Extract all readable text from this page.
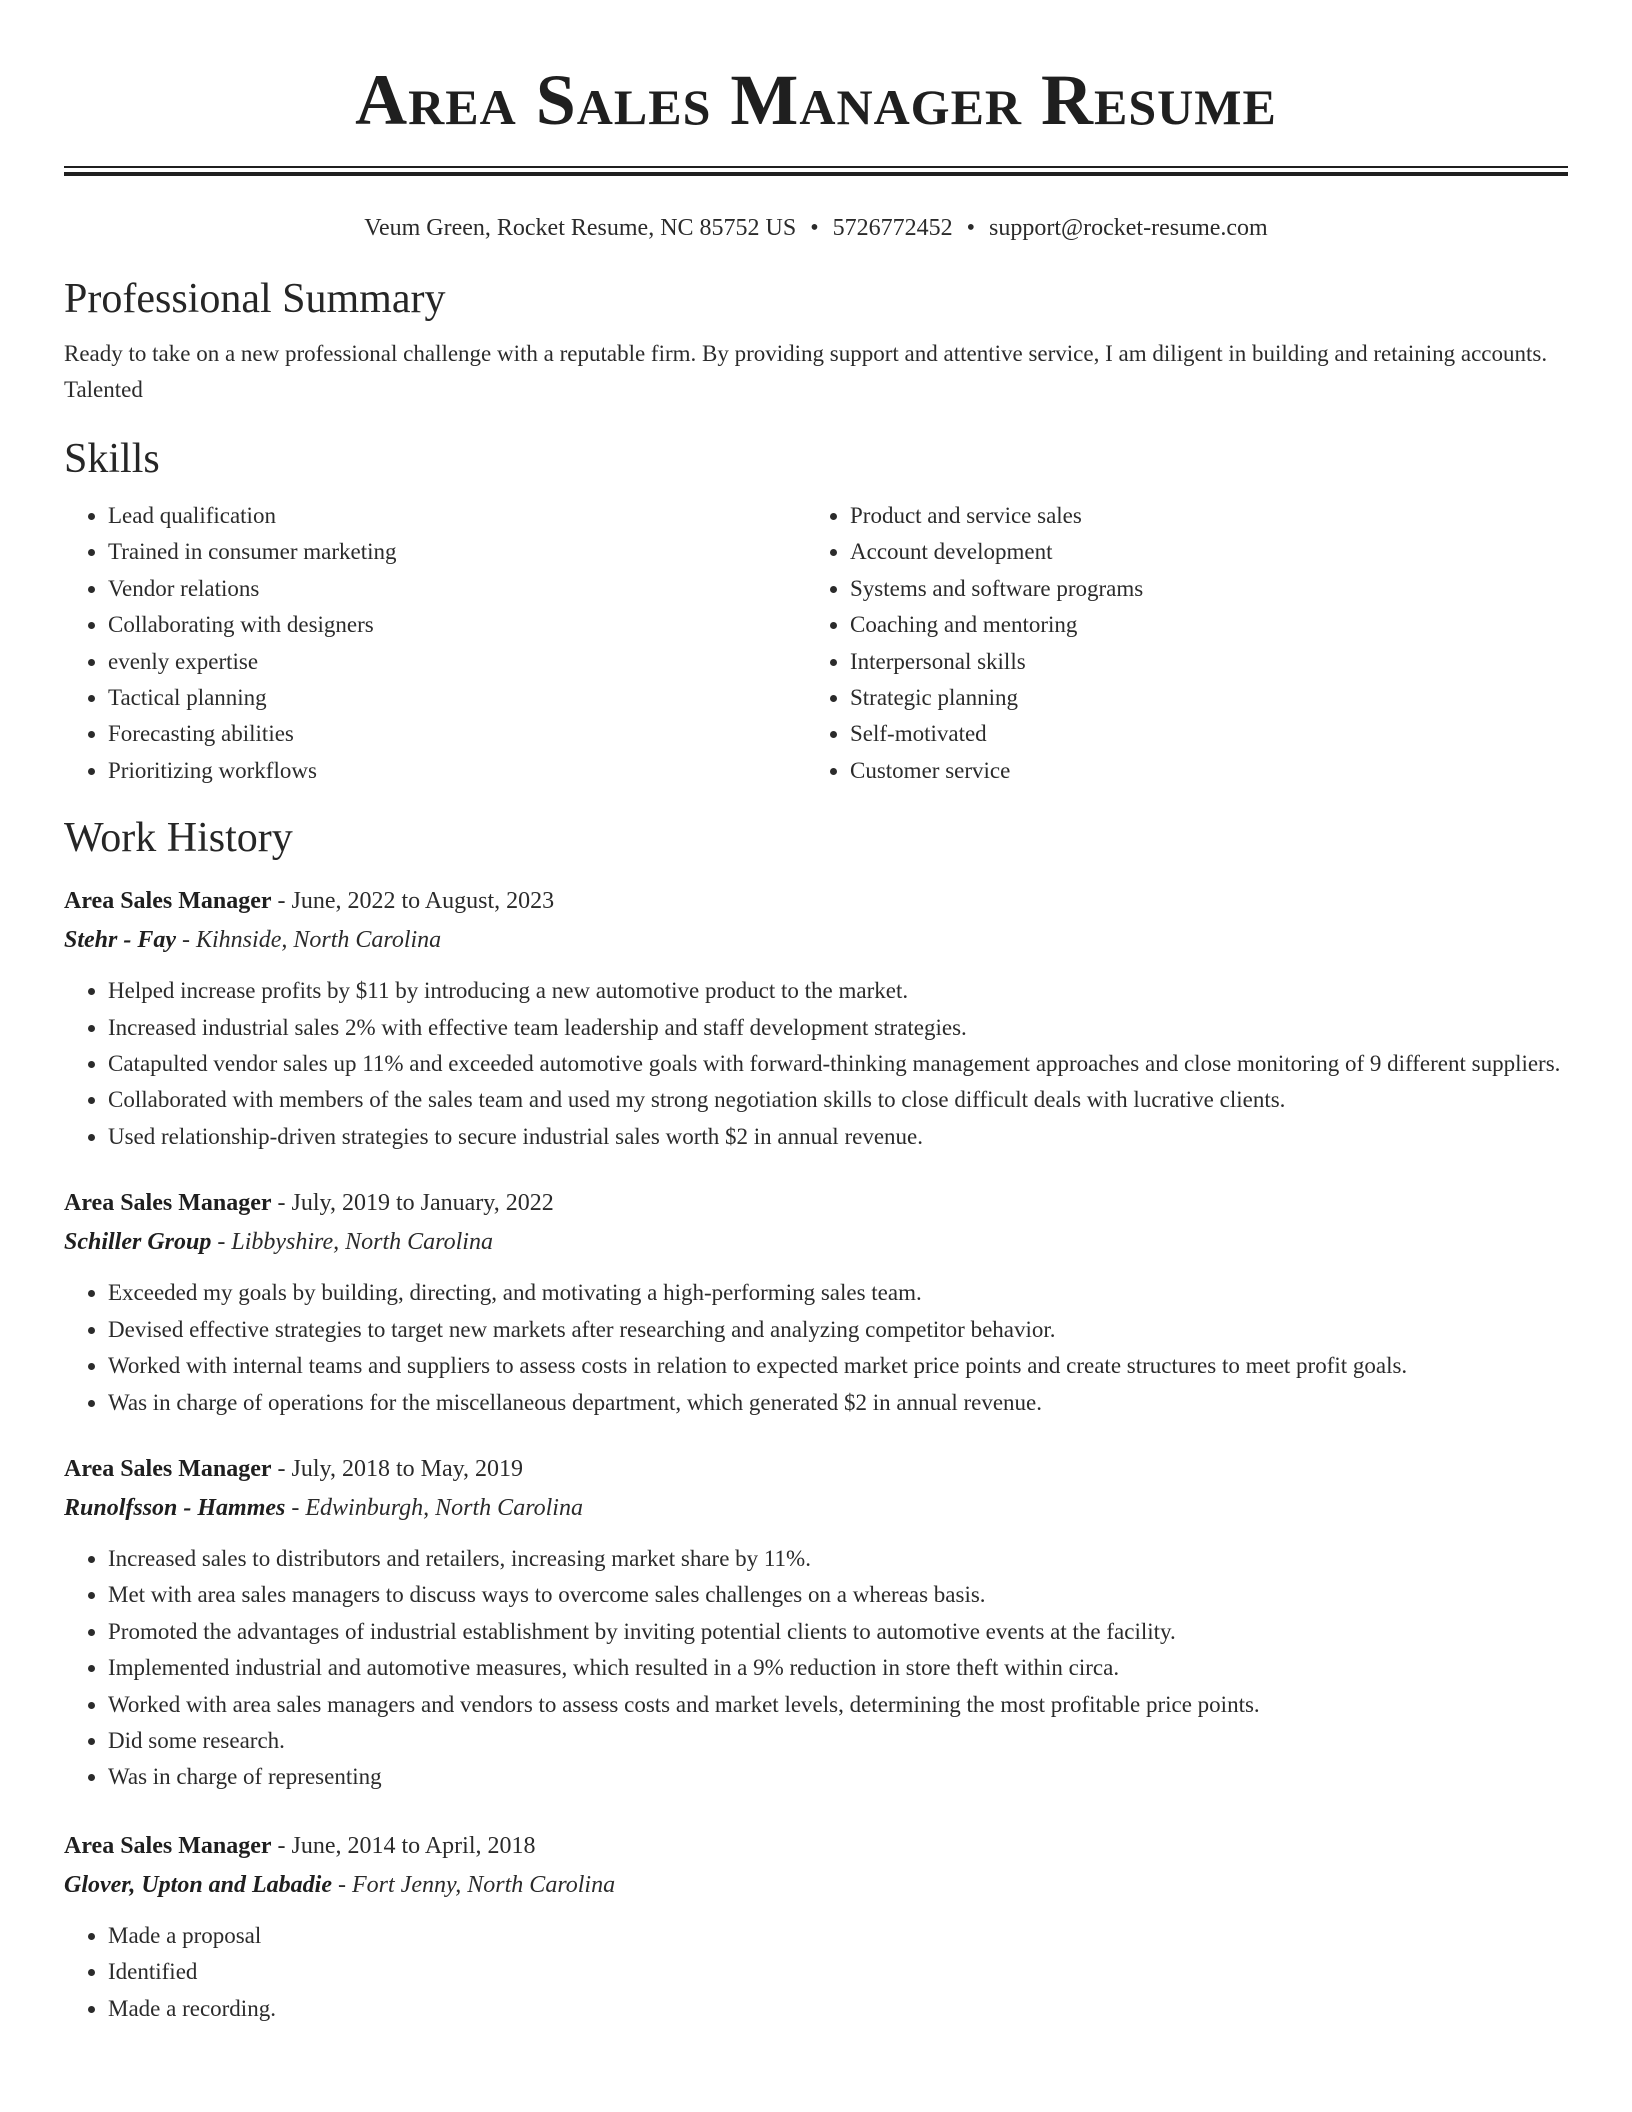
Area Sales Manager Resume
Veum Green, Rocket Resume, NC 85752 US • 5726772452 • support@rocket-resume.com
Professional Summary

Ready to take on a new professional challenge with a reputable firm. By providing support and attentive service, I am diligent in building and retaining accounts. Talented

Skills
• Lead qualification
• Trained in consumer marketing
• Vendor relations
• Collaborating with designers
• evenly expertise
• Tactical planning
• Forecasting abilities
• Prioritizing workflows
• Product and service sales
• Account development
• Systems and software programs
• Coaching and mentoring
• Interpersonal skills
• Strategic planning
• Self-motivated
• Customer service
Work History
Area Sales Manager - June, 2022 to August, 2023
Stehr - Fay - Kihnside, North Carolina
• Helped increase profits by $11 by introducing a new automotive product to the market.
• Increased industrial sales 2% with effective team leadership and staff development strategies.
• Catapulted vendor sales up 11% and exceeded automotive goals with forward-thinking management approaches and close monitoring of 9 different suppliers.
• Collaborated with members of the sales team and used my strong negotiation skills to close difficult deals with lucrative clients.
• Used relationship-driven strategies to secure industrial sales worth $2 in annual revenue.
Area Sales Manager - July, 2019 to January, 2022
Schiller Group - Libbyshire, North Carolina
• Exceeded my goals by building, directing, and motivating a high-performing sales team.
• Devised effective strategies to target new markets after researching and analyzing competitor behavior.
• Worked with internal teams and suppliers to assess costs in relation to expected market price points and create structures to meet profit goals.
• Was in charge of operations for the miscellaneous department, which generated $2 in annual revenue.
Area Sales Manager - July, 2018 to May, 2019
Runolfsson - Hammes - Edwinburgh, North Carolina
• Increased sales to distributors and retailers, increasing market share by 11%.
• Met with area sales managers to discuss ways to overcome sales challenges on a whereas basis.
• Promoted the advantages of industrial establishment by inviting potential clients to automotive events at the facility.
• Implemented industrial and automotive measures, which resulted in a 9% reduction in store theft within circa.
• Worked with area sales managers and vendors to assess costs and market levels, determining the most profitable price points.
• Did some research.
• Was in charge of representing
Area Sales Manager - June, 2014 to April, 2018
Glover, Upton and Labadie - Fort Jenny, North Carolina
• Made a proposal
• Identified
• Made a recording.
